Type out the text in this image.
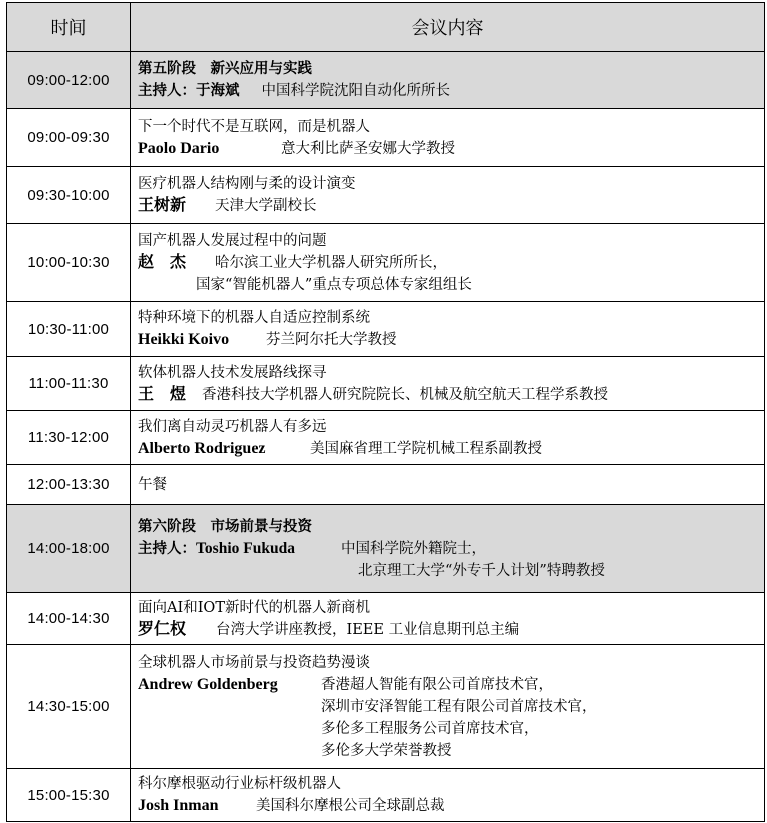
时间	会议内容
09:00-12:00	第五阶段　新兴应用与实践
主持人：于海斌 中国科学院沈阳自动化所所长

09:00-09:30	下一个时代不是互联网，而是机器人
Paolo Dario 意大利比萨圣安娜大学教授

09:30-10:00	医疗机器人结构刚与柔的设计演变
王树新 天津大学副校长

10:00-10:30	国产机器人发展过程中的问题
赵　杰 哈尔滨工业大学机器人研究所所长，
国家“智能机器人”重点专项总体专家组组长

10:30-11:00	特种环境下的机器人自适应控制系统
Heikki Koivo 芬兰阿尔托大学教授

11:00-11:30	软体机器人技术发展路线探寻
王　煜 香港科技大学机器人研究院院长、机械及航空航天工程学系教授

11:30-12:00	我们离自动灵巧机器人有多远
Alberto Rodriguez 美国麻省理工学院机械工程系副教授

12:00-13:30	午餐

14:00-18:00	第六阶段　市场前景与投资
主持人：Toshio Fukuda 中国科学院外籍院士，
北京理工大学“外专千人计划”特聘教授

14:00-14:30	面向AI和IOT新时代的机器人新商机
罗仁权 台湾大学讲座教授，IEEE 工业信息期刊总主编

14:30-15:00	全球机器人市场前景与投资趋势漫谈
Andrew Goldenberg 香港超人智能有限公司首席技术官，
深圳市安泽智能工程有限公司首席技术官，
多伦多工程服务公司首席技术官，
多伦多大学荣誉教授

15:00-15:30	科尔摩根驱动行业标杆级机器人
Josh Inman 美国科尔摩根公司全球副总裁
